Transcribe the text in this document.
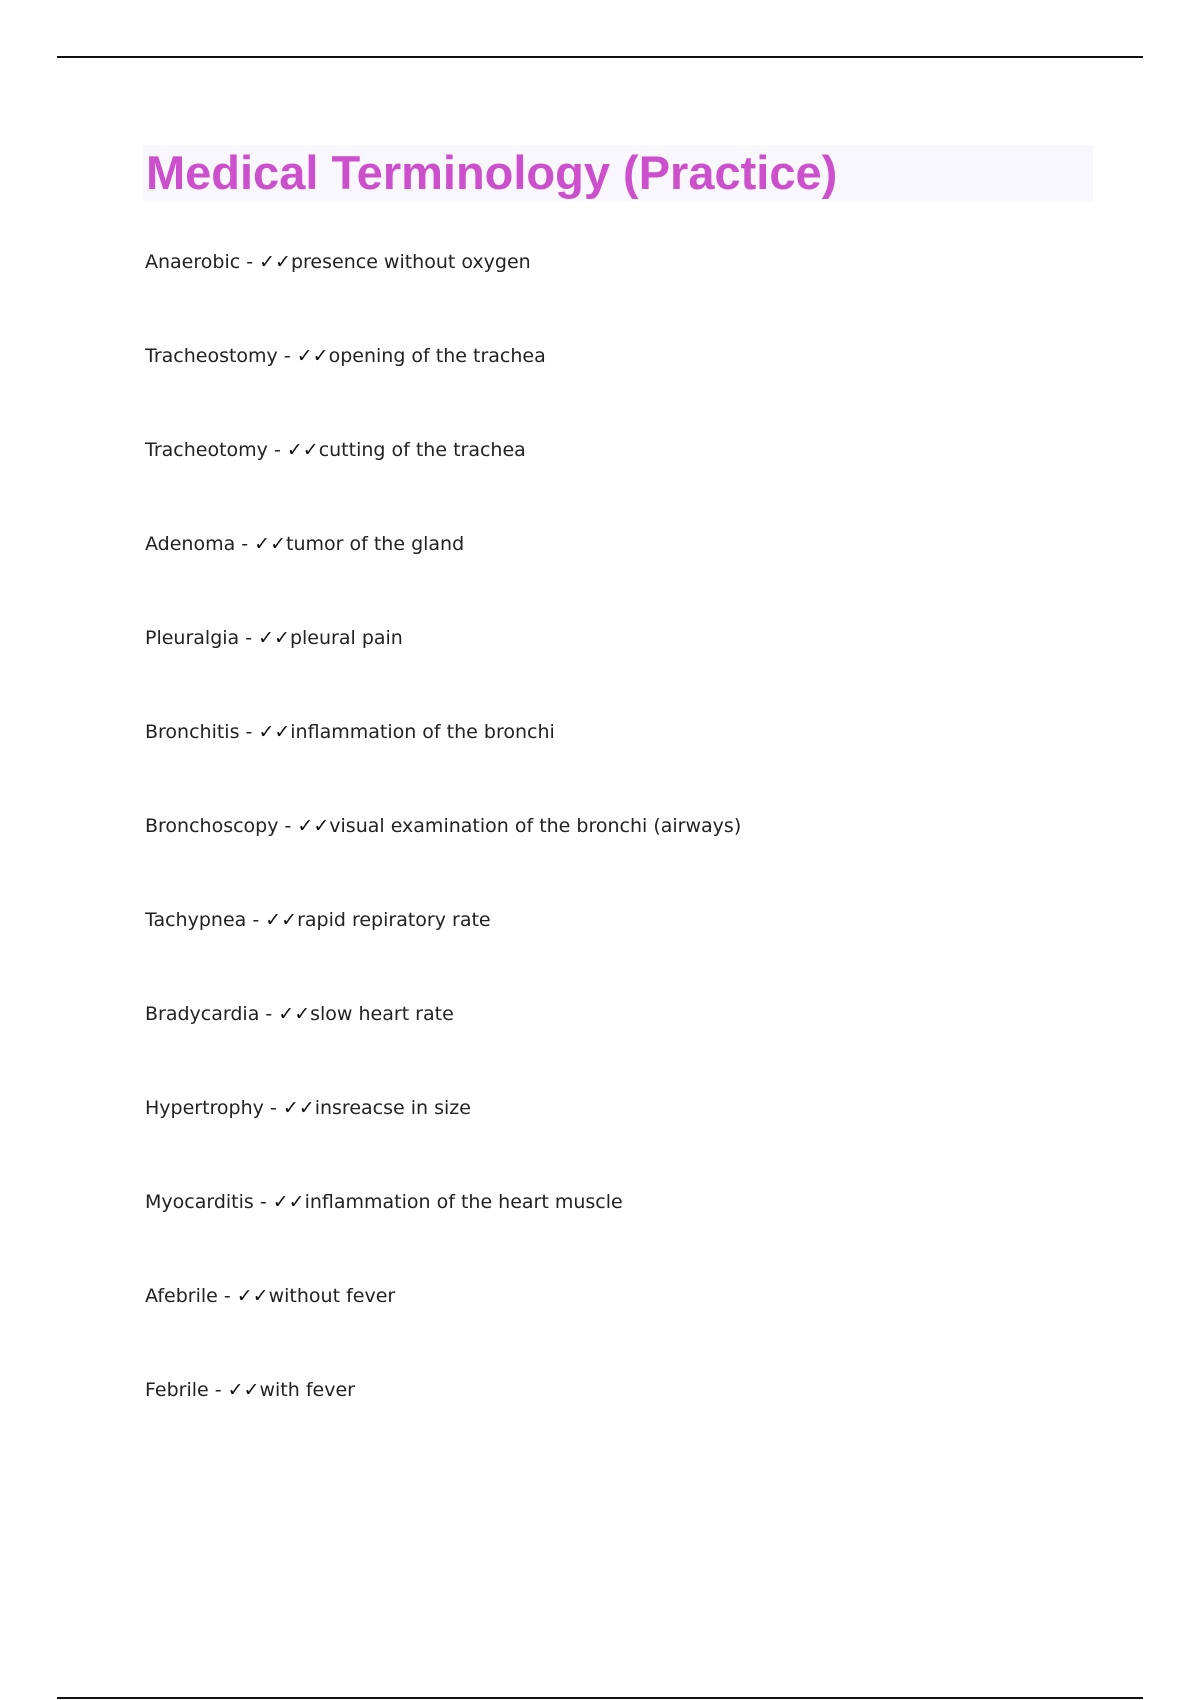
Medical Terminology (Practice)
Anaerobic - ✓✓presence without oxygen
Tracheostomy - ✓✓opening of the trachea
Tracheotomy - ✓✓cutting of the trachea
Adenoma - ✓✓tumor of the gland
Pleuralgia - ✓✓pleural pain
Bronchitis - ✓✓inflammation of the bronchi
Bronchoscopy - ✓✓visual examination of the bronchi (airways)
Tachypnea - ✓✓rapid repiratory rate
Bradycardia - ✓✓slow heart rate
Hypertrophy - ✓✓insreacse in size
Myocarditis - ✓✓inflammation of the heart muscle
Afebrile - ✓✓without fever
Febrile - ✓✓with fever
